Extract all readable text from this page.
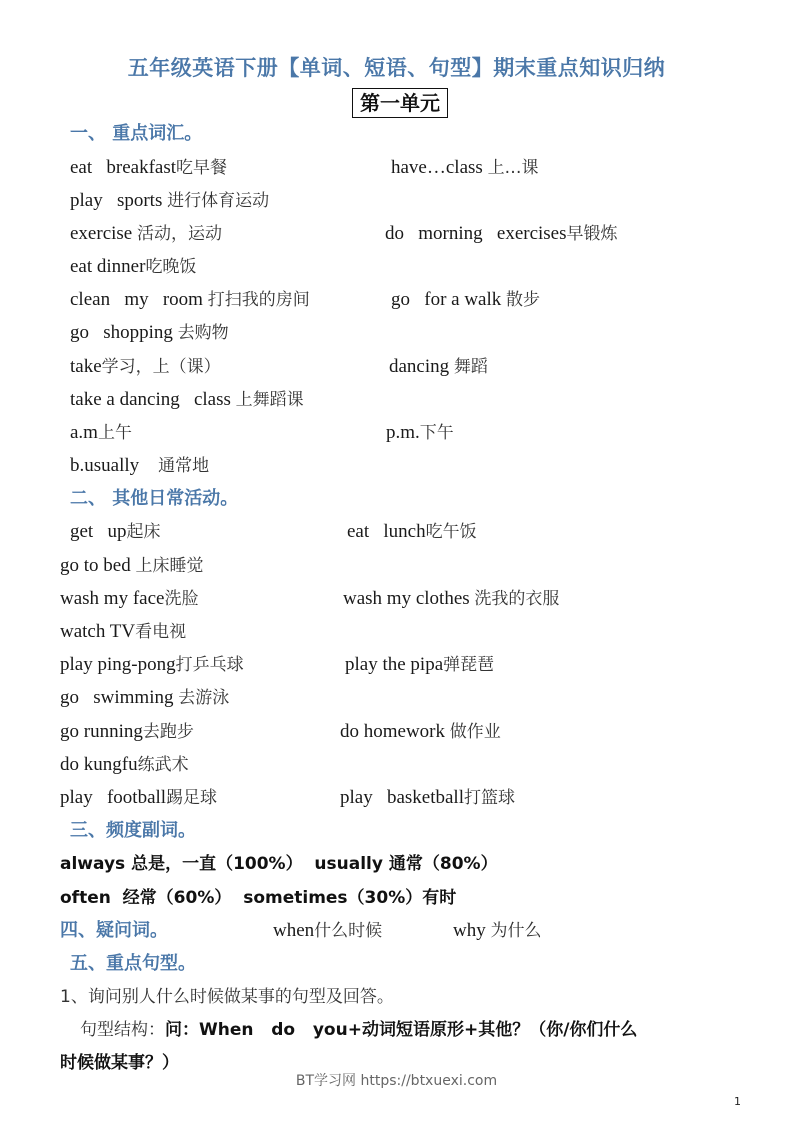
五年级英语下册【单词、短语、句型】期末重点知识归纳
第一单元
一、 重点词汇。
eat   breakfast吃早餐	have…class 上…课
play   sports 进行体育运动
exercise 活动，运动	do   morning   exercises早锻炼
eat dinner吃晚饭
clean   my   room 打扫我的房间	go   for a walk 散步
go   shopping 去购物
take学习，上（课）	dancing 舞蹈
take a dancing   class 上舞蹈课
a.m上午	p.m.下午
b.usually    通常地
二、 其他日常活动。
get   up起床	eat   lunch吃午饭
go to bed 上床睡觉
wash my face洗脸	wash my clothes 洗我的衣服
watch TV看电视
play ping-pong打乒乓球	play the pipa弹琵琶
go   swimming 去游泳
go running去跑步	do homework 做作业
do kungfu练武术
play   football踢足球	play   basketball打篮球
三、频度副词。
always 总是，一直（100%）  usually 通常（80%）
often  经常（60%）  sometimes（30%）有时
四、疑问词。	when什么时候	why 为什么
五、重点句型。
1、询问别人什么时候做某事的句型及回答。
句型结构：问：When   do   you+动词短语原形+其他？（你/你们什么
时候做某事？）
BT学习网 https://btxuexi.com
1
